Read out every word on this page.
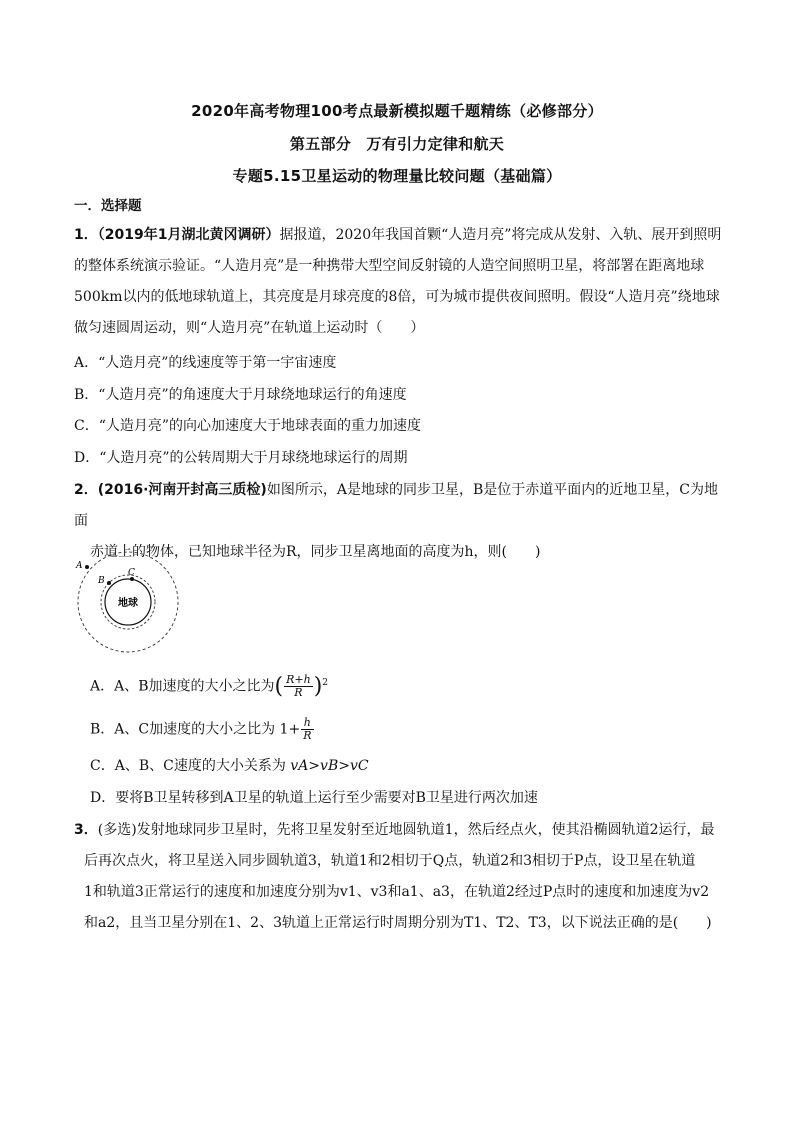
2020年高考物理100考点最新模拟题千题精练（必修部分）
第五部分　万有引力定律和航天
专题5.15卫星运动的物理量比较问题（基础篇）
一．选择题
1．（2019年1月湖北黄冈调研）据报道，2020年我国首颗“人造月亮”将完成从发射、入轨、展开到照明
的整体系统演示验证。“人造月亮”是一种携带大型空间反射镜的人造空间照明卫星，将部署在距离地球
500km以内的低地球轨道上，其亮度是月球亮度的8倍，可为城市提供夜间照明。假设“人造月亮”绕地球
做匀速圆周运动，则“人造月亮”在轨道上运动时（　　）
A．“人造月亮”的线速度等于第一宇宙速度
B．“人造月亮”的角速度大于月球绕地球运行的角速度
C．“人造月亮”的向心加速度大于地球表面的重力加速度
D．“人造月亮”的公转周期大于月球绕地球运行的周期
2．(2016·河南开封高三质检)如图所示，A是地球的同步卫星，B是位于赤道平面内的近地卫星，C为地面
赤道上的物体，已知地球半径为R，同步卫星离地面的高度为h，则(　　)
地球
A
B
C
A．A、B加速度的大小之比为( $\frac{R+h}{R} )^2$
B．A、C加速度的大小之比为 $1+ \frac{h}{R}$
C．A、B、C速度的大小关系为 vA>vB>vC
D．要将B卫星转移到A卫星的轨道上运行至少需要对B卫星进行两次加速
3．(多选)发射地球同步卫星时，先将卫星发射至近地圆轨道1，然后经点火，使其沿椭圆轨道2运行，最
后再次点火，将卫星送入同步圆轨道3，轨道1和2相切于Q点，轨道2和3相切于P点，设卫星在轨道
1和轨道3正常运行的速度和加速度分别为v1、v3和a1、a3，在轨道2经过P点时的速度和加速度为v2
和a2，且当卫星分别在1、2、3轨道上正常运行时周期分别为T1、T2、T3，以下说法正确的是(　　)
